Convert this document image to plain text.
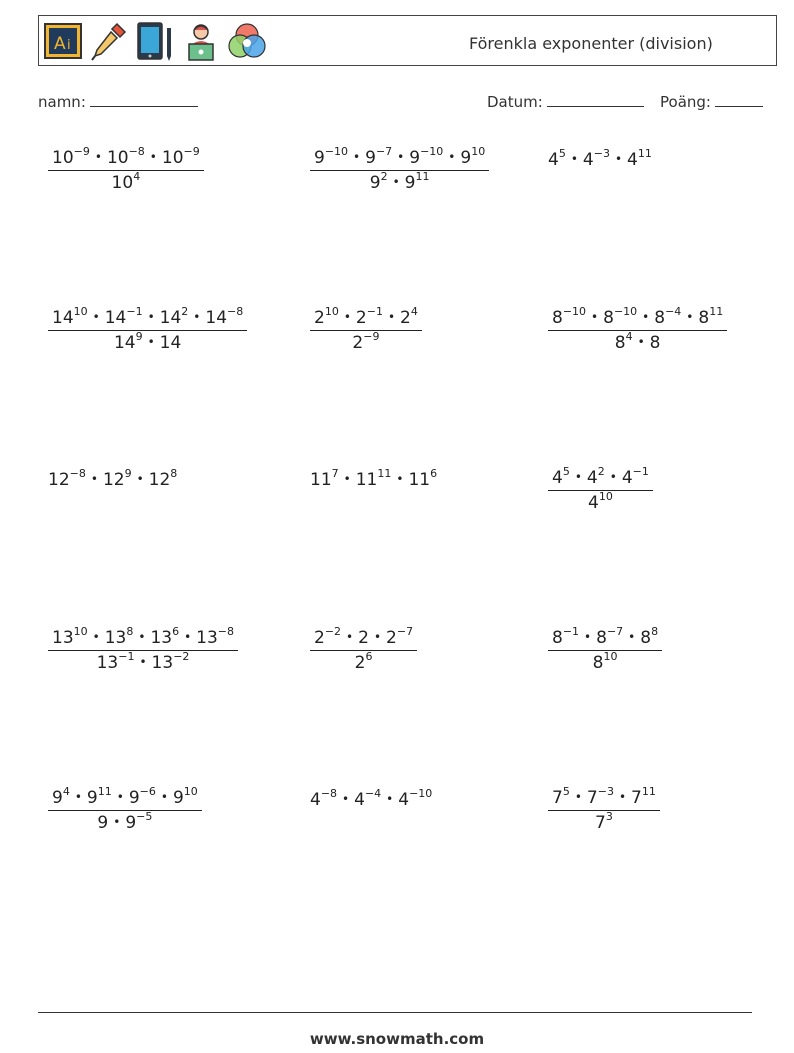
A i	Förenkla exponenter (division)
namn:	Datum:	Poäng:
$\frac{10^{-9} • 10^{-8} • 10^{-9}}{10^4}$	$\frac{9^{-10} • 9^{-7} • 9^{-10} • 9^{10}}{9^2 • 9^{11}}$	$4^5$ • $4^{-3}$ • $4^{11}$
$\frac{14^{10} • 14^{-1} • 14^2 • 14^{-8}}{14^9 • 14}$	$\frac{2^{10} • 2^{-1} • 2^4}{2^{-9}}$	$\frac{8^{-10} • 8^{-10} • 8^{-4} • 8^{11}}{8^4 • 8}$
$12^{-8}$ • $12^9$ • $12^8$	$11^7$ • $11^{11}$ • $11^6$	$\frac{4^5 • 4^2 • 4^{-1}}{4^{10}}$
$\frac{13^{10} • 13^8 • 13^6 • 13^{-8}}{13^{-1} • 13^{-2}}$	$\frac{2^{-2} • 2 • 2^{-7}}{2^6}$	$\frac{8^{-1} • 8^{-7} • 8^8}{8^{10}}$
$\frac{9^4 • 9^{11} • 9^{-6} • 9^{10}}{9 • 9^{-5}}$	$4^{-8}$ • $4^{-4}$ • $4^{-10}$	$\frac{7^5 • 7^{-3} • 7^{11}}{7^3}$
www.snowmath.com
